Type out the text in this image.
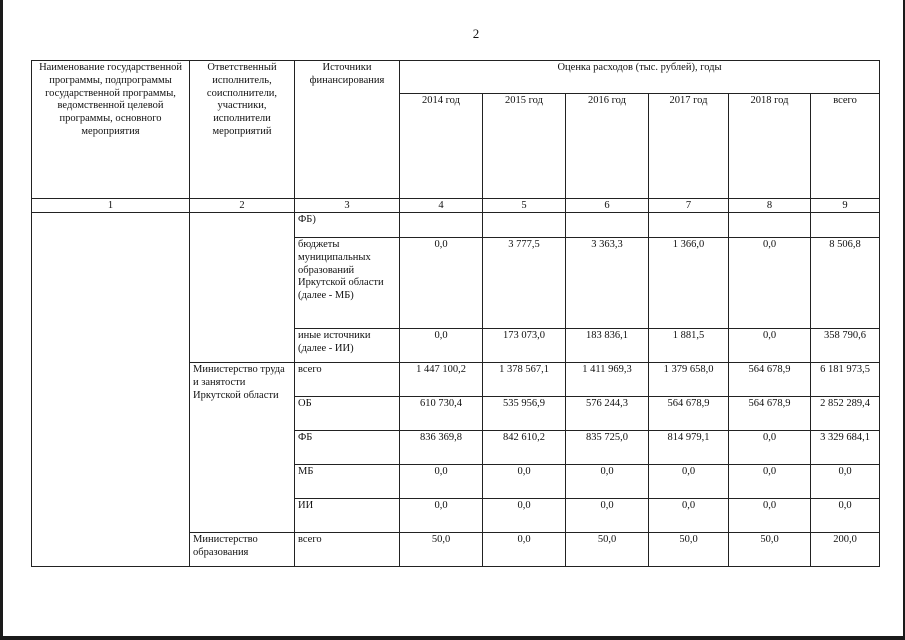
2
Наименование государственной программы, подпрограммы государственной программы, ведомственной целевой программы, основного мероприятия	Ответственный исполнитель, соисполнители, участники, исполнители мероприятий	Источники финансирования	Оценка расходов (тыс. рублей), годы					
			2014 год	2015 год	2016 год	2017 год	2018 год	всего
1	2	3	4	5	6	7	8	9
		ФБ)						
		бюджеты муниципальных образований Иркутской области (далее - МБ)	0,0	3 777,5	3 363,3	1 366,0	0,0	8 506,8
		иные источники (далее - ИИ)	0,0	173 073,0	183 836,1	1 881,5	0,0	358 790,6
	Министерство труда и занятости Иркутской области	всего	1 447 100,2	1 378 567,1	1 411 969,3	1 379 658,0	564 678,9	6 181 973,5
		ОБ	610 730,4	535 956,9	576 244,3	564 678,9	564 678,9	2 852 289,4
		ФБ	836 369,8	842 610,2	835 725,0	814 979,1	0,0	3 329 684,1
		МБ	0,0	0,0	0,0	0,0	0,0	0,0
		ИИ	0,0	0,0	0,0	0,0	0,0	0,0
	Министерство образования	всего	50,0	0,0	50,0	50,0	50,0	200,0
